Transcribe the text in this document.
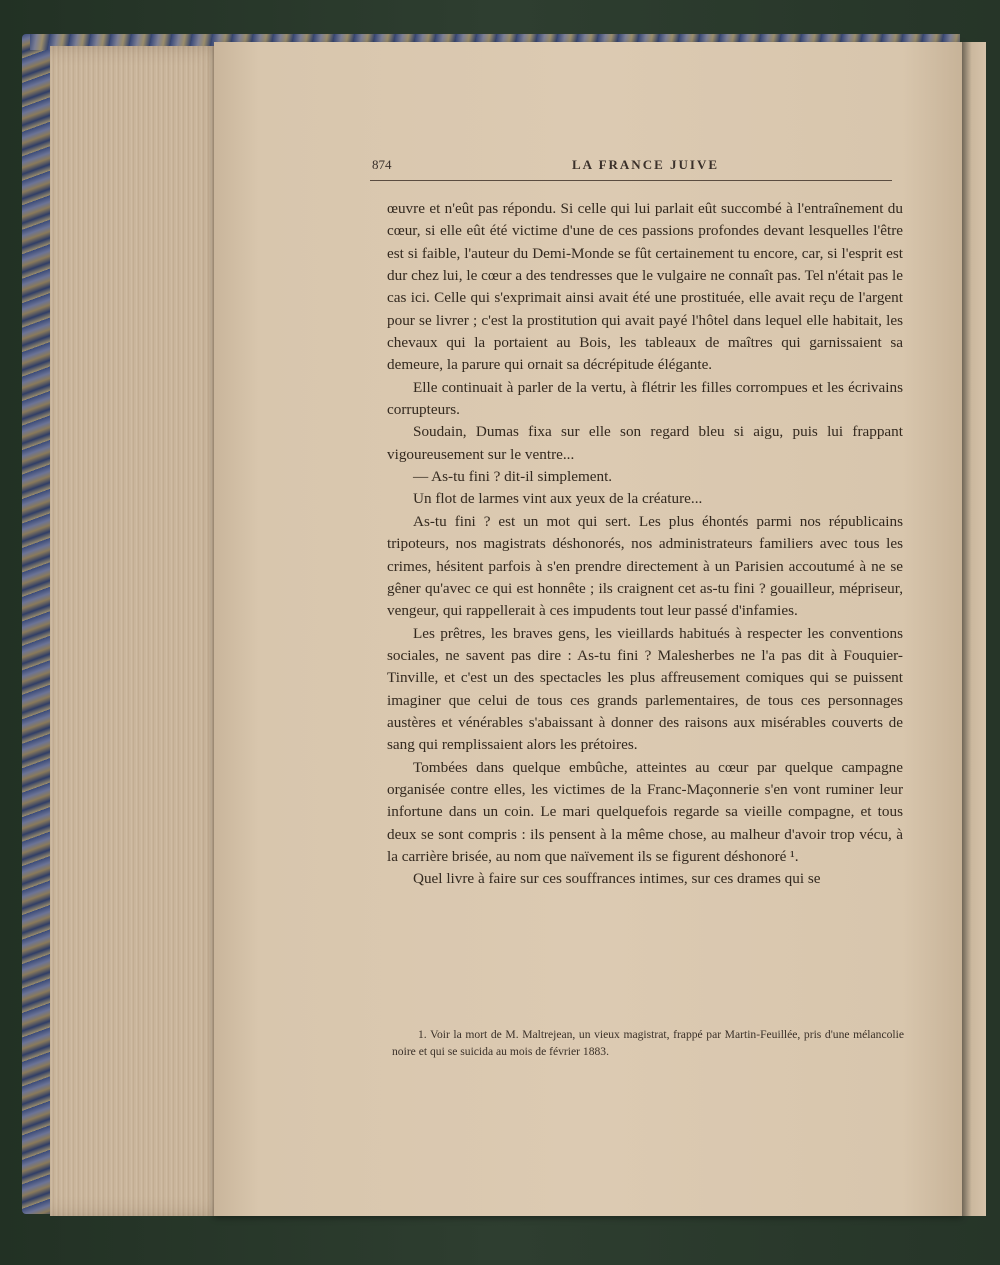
874	LA FRANCE JUIVE

œuvre et n'eût pas répondu. Si celle qui lui parlait eût succombé à l'entraînement du cœur, si elle eût été victime d'une de ces passions profondes devant lesquelles l'être est si faible, l'auteur du Demi-Monde se fût certainement tu encore, car, si l'esprit est dur chez lui, le cœur a des tendresses que le vulgaire ne connaît pas. Tel n'était pas le cas ici. Celle qui s'exprimait ainsi avait été une prostituée, elle avait reçu de l'argent pour se livrer ; c'est la prostitution qui avait payé l'hôtel dans lequel elle habitait, les chevaux qui la portaient au Bois, les tableaux de maîtres qui garnissaient sa demeure, la parure qui ornait sa décrépitude élégante.

Elle continuait à parler de la vertu, à flétrir les filles corrompues et les écrivains corrupteurs.

Soudain, Dumas fixa sur elle son regard bleu si aigu, puis lui frappant vigoureusement sur le ventre...

— As-tu fini ? dit-il simplement.

Un flot de larmes vint aux yeux de la créature...

As-tu fini ? est un mot qui sert. Les plus éhontés parmi nos républicains tripoteurs, nos magistrats déshonorés, nos administrateurs familiers avec tous les crimes, hésitent parfois à s'en prendre directement à un Parisien accoutumé à ne se gêner qu'avec ce qui est honnête ; ils craignent cet as-tu fini ? gouailleur, mépriseur, vengeur, qui rappellerait à ces impudents tout leur passé d'infamies.

Les prêtres, les braves gens, les vieillards habitués à respecter les conventions sociales, ne savent pas dire : As-tu fini ? Malesherbes ne l'a pas dit à Fouquier-Tinville, et c'est un des spectacles les plus affreusement comiques qui se puissent imaginer que celui de tous ces grands parlementaires, de tous ces personnages austères et vénérables s'abaissant à donner des raisons aux misérables couverts de sang qui remplissaient alors les prétoires.

Tombées dans quelque embûche, atteintes au cœur par quelque campagne organisée contre elles, les victimes de la Franc-Maçonnerie s'en vont ruminer leur infortune dans un coin. Le mari quelquefois regarde sa vieille compagne, et tous deux se sont compris : ils pensent à la même chose, au malheur d'avoir trop vécu, à la carrière brisée, au nom que naïvement ils se figurent déshonoré ¹.

Quel livre à faire sur ces souffrances intimes, sur ces drames qui se

1. Voir la mort de M. Maltrejean, un vieux magistrat, frappé par Martin-Feuillée, pris d'une mélancolie noire et qui se suicida au mois de février 1883.
